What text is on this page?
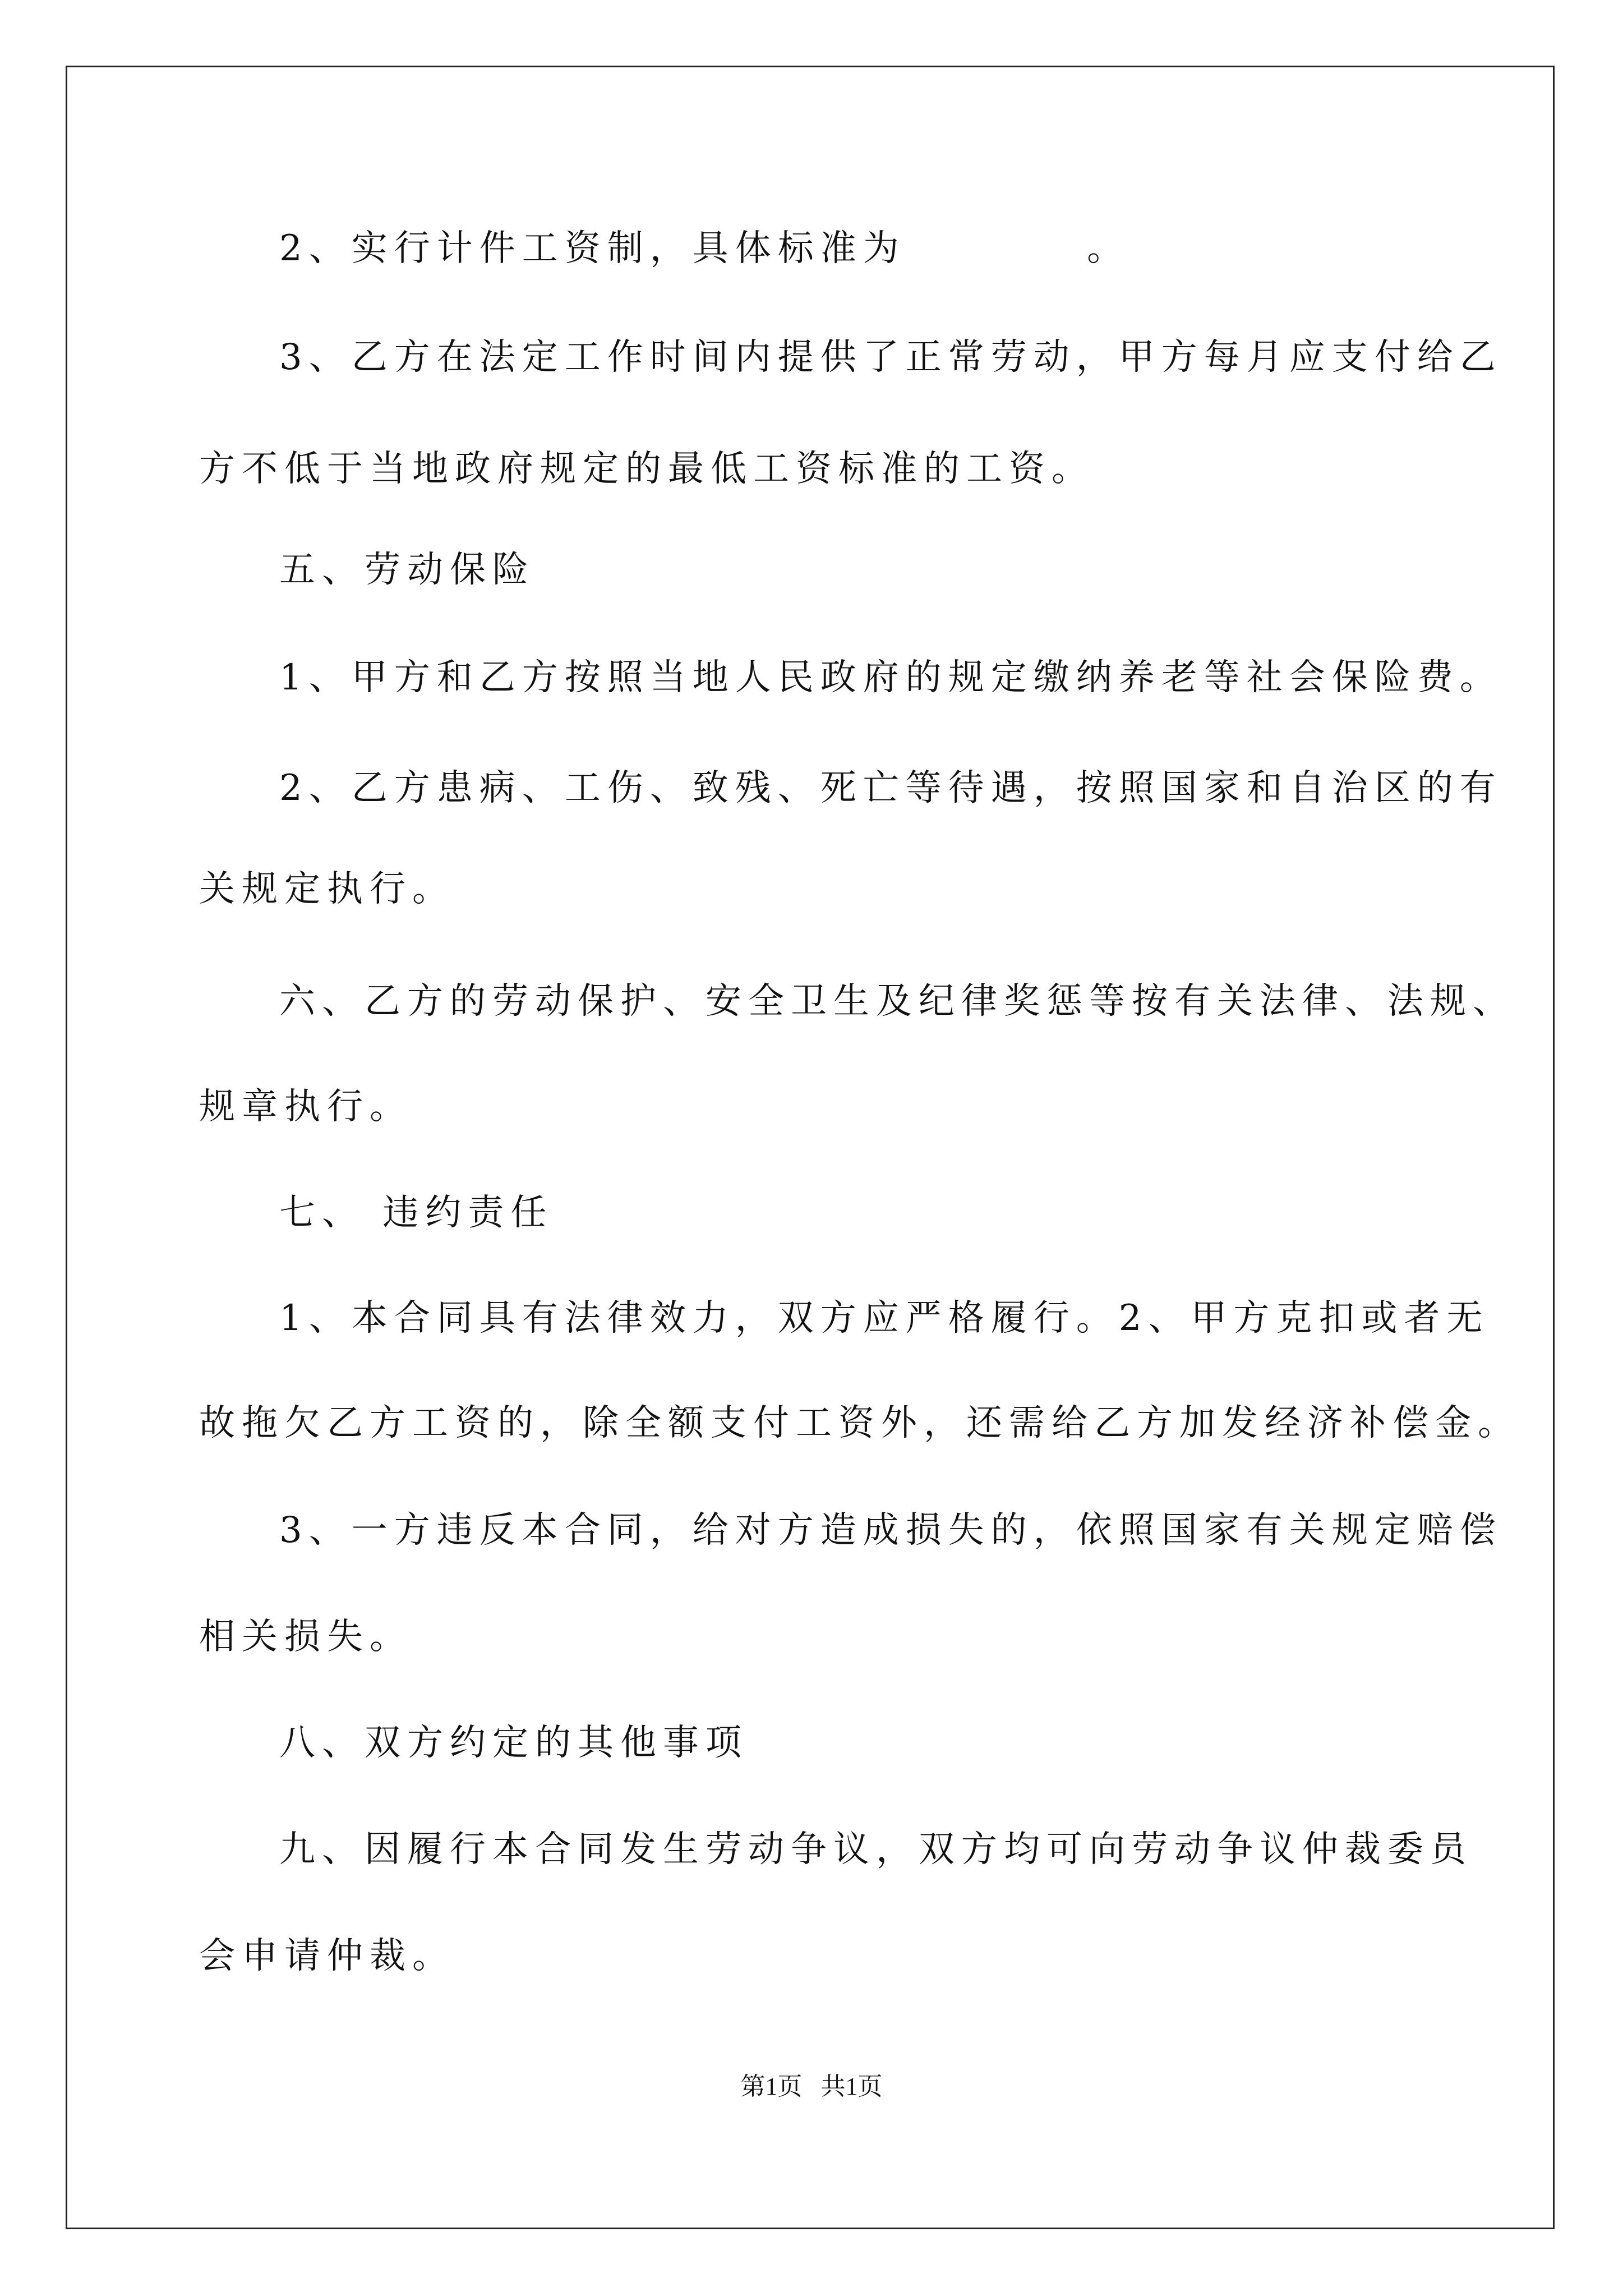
2、实行计件工资制，具体标准为          。
3、乙方在法定工作时间内提供了正常劳动，甲方每月应支付给乙
方不低于当地政府规定的最低工资标准的工资。
五、劳动保险
1、甲方和乙方按照当地人民政府的规定缴纳养老等社会保险费。
2、乙方患病、工伤、致残、死亡等待遇，按照国家和自治区的有
关规定执行。
六、乙方的劳动保护、安全卫生及纪律奖惩等按有关法律、法规、
规章执行。
七、 违约责任
1、本合同具有法律效力，双方应严格履行。2、甲方克扣或者无
故拖欠乙方工资的，除全额支付工资外，还需给乙方加发经济补偿金。
3、一方违反本合同，给对方造成损失的，依照国家有关规定赔偿
相关损失。
八、双方约定的其他事项
九、因履行本合同发生劳动争议，双方均可向劳动争议仲裁委员
会申请仲裁。
第1页   共1页
